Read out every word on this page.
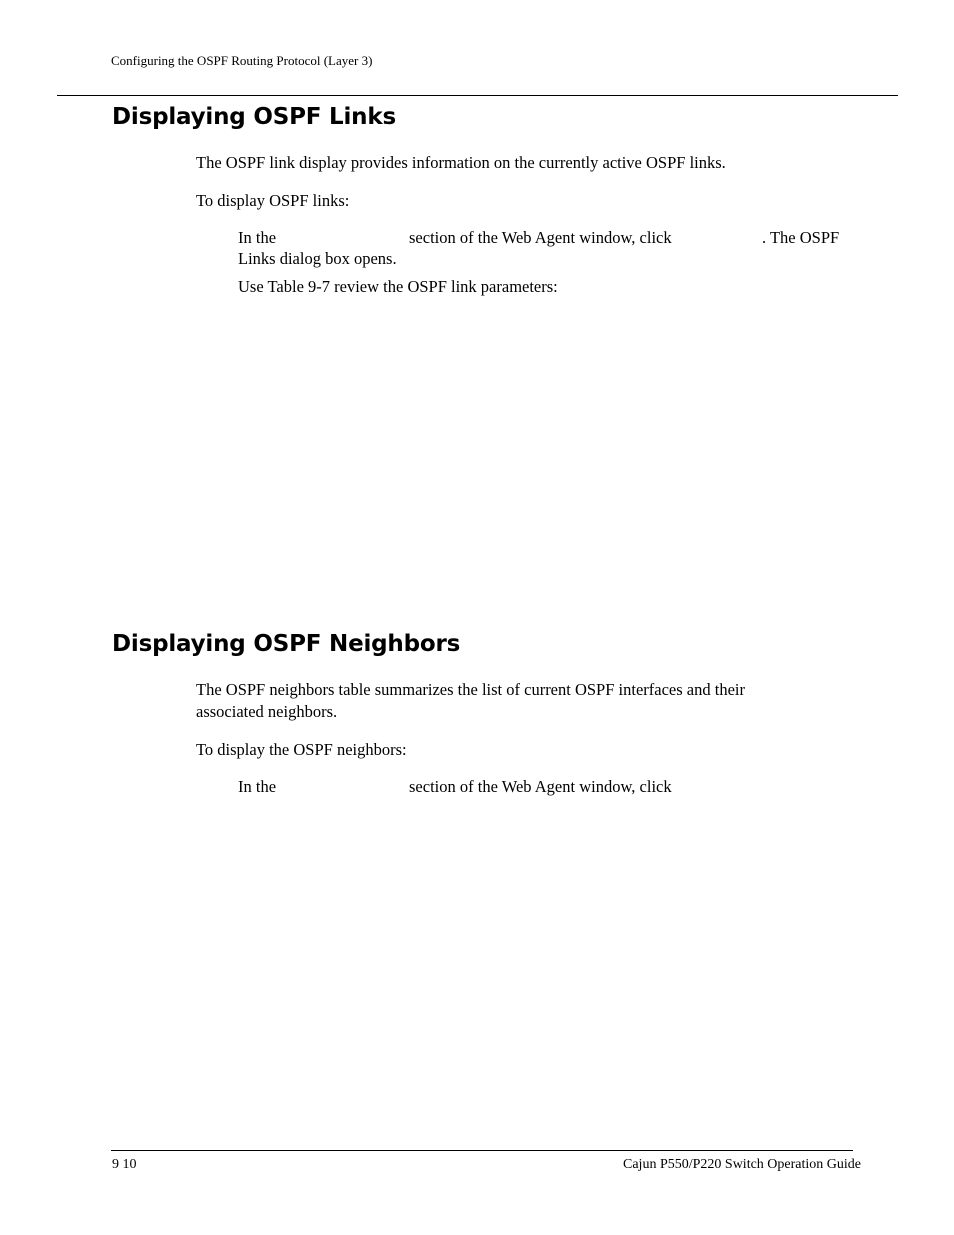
Configuring the OSPF Routing Protocol (Layer 3)
Displaying OSPF Links
The OSPF link display provides information on the currently active OSPF links.
To display OSPF links:
In the	section of the Web Agent window, click	. The OSPF
Links dialog box opens.
Use Table 9-7 review the OSPF link parameters:
Displaying OSPF Neighbors
The OSPF neighbors table summarizes the list of current OSPF interfaces and their
associated neighbors.
To display the OSPF neighbors:
In the	section of the Web Agent window, click
9 10	Cajun P550/P220 Switch Operation Guide
